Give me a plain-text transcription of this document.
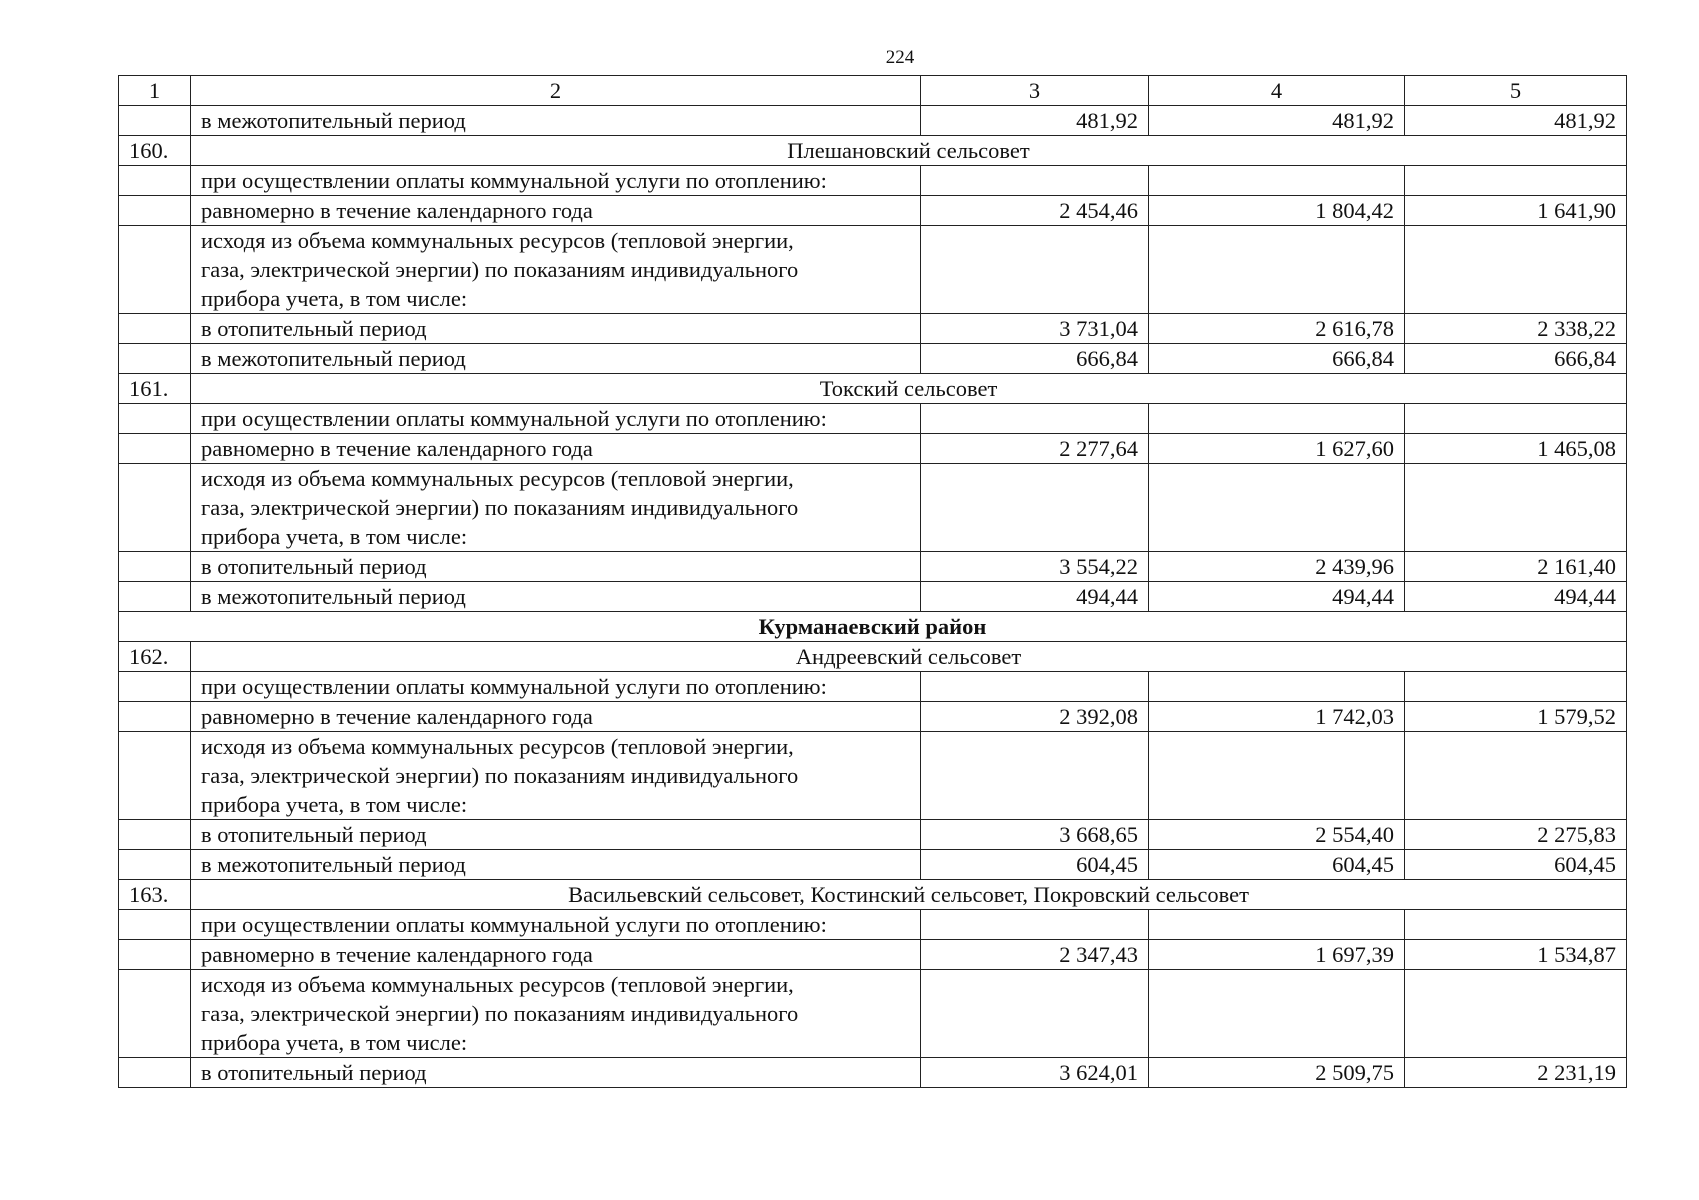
224
1	2	3	4	5
	в межотопительный период	481,92	481,92	481,92
160.	Плешановский сельсовет			
	при осуществлении оплаты коммунальной услуги по отоплению:			
	равномерно в течение календарного года	2 454,46	1 804,42	1 641,90

	исходя из объема коммунальных ресурсов (тепловой энергии,
газа, электрической энергии) по показаниям индивидуального
прибора учета, в том числе:			

	в отопительный период	3 731,04	2 616,78	2 338,22
	в межотопительный период	666,84	666,84	666,84
161.	Токский сельсовет			
	при осуществлении оплаты коммунальной услуги по отоплению:			
	равномерно в течение календарного года	2 277,64	1 627,60	1 465,08

	исходя из объема коммунальных ресурсов (тепловой энергии,
газа, электрической энергии) по показаниям индивидуального
прибора учета, в том числе:			

	в отопительный период	3 554,22	2 439,96	2 161,40
	в межотопительный период	494,44	494,44	494,44
Курманаевский район				
162.	Андреевский сельсовет			
	при осуществлении оплаты коммунальной услуги по отоплению:			
	равномерно в течение календарного года	2 392,08	1 742,03	1 579,52

	исходя из объема коммунальных ресурсов (тепловой энергии,
газа, электрической энергии) по показаниям индивидуального
прибора учета, в том числе:			

	в отопительный период	3 668,65	2 554,40	2 275,83
	в межотопительный период	604,45	604,45	604,45
163.	Васильевский сельсовет, Костинский сельсовет, Покровский сельсовет			
	при осуществлении оплаты коммунальной услуги по отоплению:			
	равномерно в течение календарного года	2 347,43	1 697,39	1 534,87

	исходя из объема коммунальных ресурсов (тепловой энергии,
газа, электрической энергии) по показаниям индивидуального
прибора учета, в том числе:			

	в отопительный период	3 624,01	2 509,75	2 231,19
